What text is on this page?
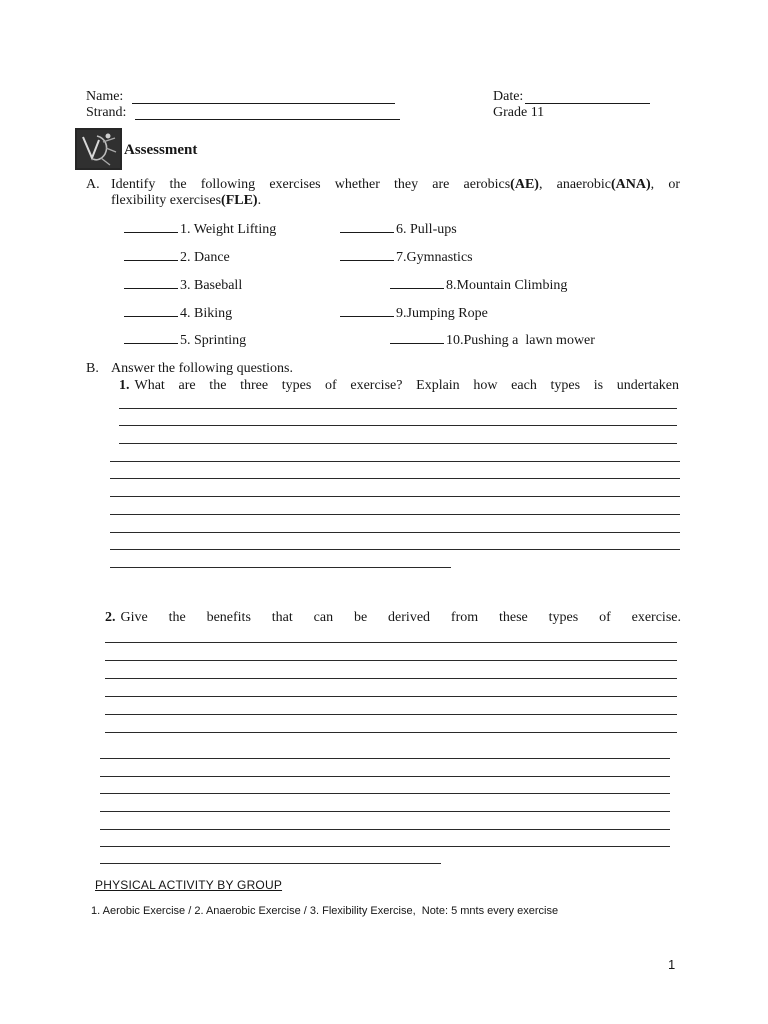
Name:
Strand:
Date:
Grade 11
Assessment
A. Identify the following exercises whether they are aerobics(AE), anaerobic(ANA), or
flexibility exercises(FLE).
1. Weight Lifting
2. Dance
3. Baseball
4. Biking
5. Sprinting
6. Pull-ups
7.Gymnastics
8.Mountain Climbing
9.Jumping Rope
10.Pushing a  lawn mower
B. Answer the following questions.
1. What are the three types of exercise? Explain how each types is undertaken
2. Give the benefits that can be derived from these types of exercise.
PHYSICAL ACTIVITY BY GROUP
1. Aerobic Exercise / 2. Anaerobic Exercise / 3. Flexibility Exercise,  Note: 5 mnts every exercise
1
